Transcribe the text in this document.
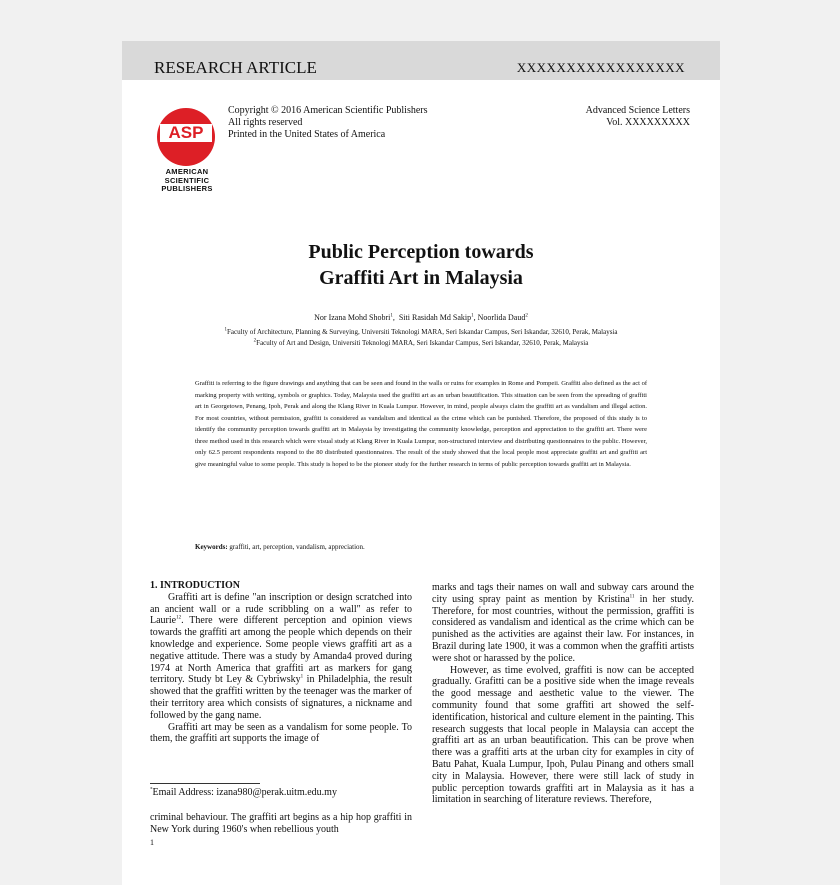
RESEARCH ARTICLE	XXXXXXXXXXXXXXXXX
ASP
AMERICAN
SCIENTIFIC
PUBLISHERS
Copyright © 2016 American Scientific Publishers
All rights reserved
Printed in the United States of America
Advanced Science Letters
Vol. XXXXXXXXX
Public Perception towards
Graffiti Art in Malaysia
Nor Izana Mohd Shobri$^1$,  Siti Rasidah Md Sakip$^1$, Noorlida Daud$^2$
$^1$Faculty of Architecture, Planning & Surveying, Universiti Teknologi MARA, Seri Iskandar Campus, Seri Iskandar, 32610, Perak, Malaysia
$^2$Faculty of Art and Design, Universiti Teknologi MARA, Seri Iskandar Campus, Seri Iskandar, 32610, Perak, Malaysia
Graffiti is referring to the figure drawings and anything that can be seen and found in the walls or ruins for examples in Rome and Pompeii. Graffiti also defined as the act of marking property with writing, symbols or graphics. Today, Malaysia used the graffiti art as an urban beautification. This situation can be seen from the spreading of graffiti art in Georgetown, Penang, Ipoh, Perak and along the Klang River in Kuala Lumpur. However, in mind, people always claim the graffiti art as vandalism and illegal action. For most countries, without permission, graffiti is considered as vandalism and identical as the crime which can be punished. Therefore, the proposed of this study is to identify the community perception towards graffiti art in Malaysia by investigating the community knowledge, perception and appreciation to the graffiti art. There were three method used in this research which were visual study at Klang River in Kuala Lumpur, non-structured interview and distributing questionnaires to the public. However, only 62.5 percent respondents respond to the 80 distributed questionnaires. The result of the study showed that the local people most appreciate graffiti art and graffiti art give meaningful value to some people. This study is hoped to be the pioneer study for the further research in terms of public perception towards graffiti art in Malaysia.
Keywords: graffiti, art, perception, vandalism, appreciation.

1. INTRODUCTION

Graffiti art is define "an inscription or design scratched into an ancient wall or a rude scribbling on a wall" as refer to Laurie$^{12}$. There were different perception and opinion views towards the graffiti art among the people which depends on their knowledge and experience. Some people views graffiti art as a negative attitude. There was a study by Amanda4 proved during 1974 at North America that graffiti art as markers for gang territory. Study bt Ley & Cybriwsky$^1$ in Philadelphia, the result showed that the graffiti written by the teenager was the marker of their territory area which consists of signatures, a nickname and followed by the gang name.

Graffiti art may be seen as a vandalism for some people. To them, the graffiti art supports the image of

*Email Address: izana980@perak.uitm.edu.my

criminal behaviour. The graffiti art begins as a hip hop graffiti in New York during 1960's when rebellious youth

1

marks and tags their names on wall and subway cars around the city using spray paint as mention by Kristina$^{11}$ in her study. Therefore, for most countries, without the permission, graffiti is considered as vandalism and identical as the crime which can be punished as the activities are against their law. For instances, in Brazil during late 1900, it was a common when the graffiti artists were shot or harassed by the police.

However, as time evolved, graffiti is now can be accepted gradually. Grafitti can be a positive side when the image reveals the good message and aesthetic value to the viewer. The community found that some graffiti art showed the self-identification, historical and culture element in the painting. This research suggests that local people in Malaysia can accept the graffiti art as an urban beautification. This can be prove when there was a graffiti arts at the urban city for examples in city of Batu Pahat, Kuala Lumpur, Ipoh, Pulau Pinang and others small city in Malaysia. However, there were still lack of study in public perception towards graffiti art in Malaysia as it has a limitation in searching of literature reviews. Therefore,
